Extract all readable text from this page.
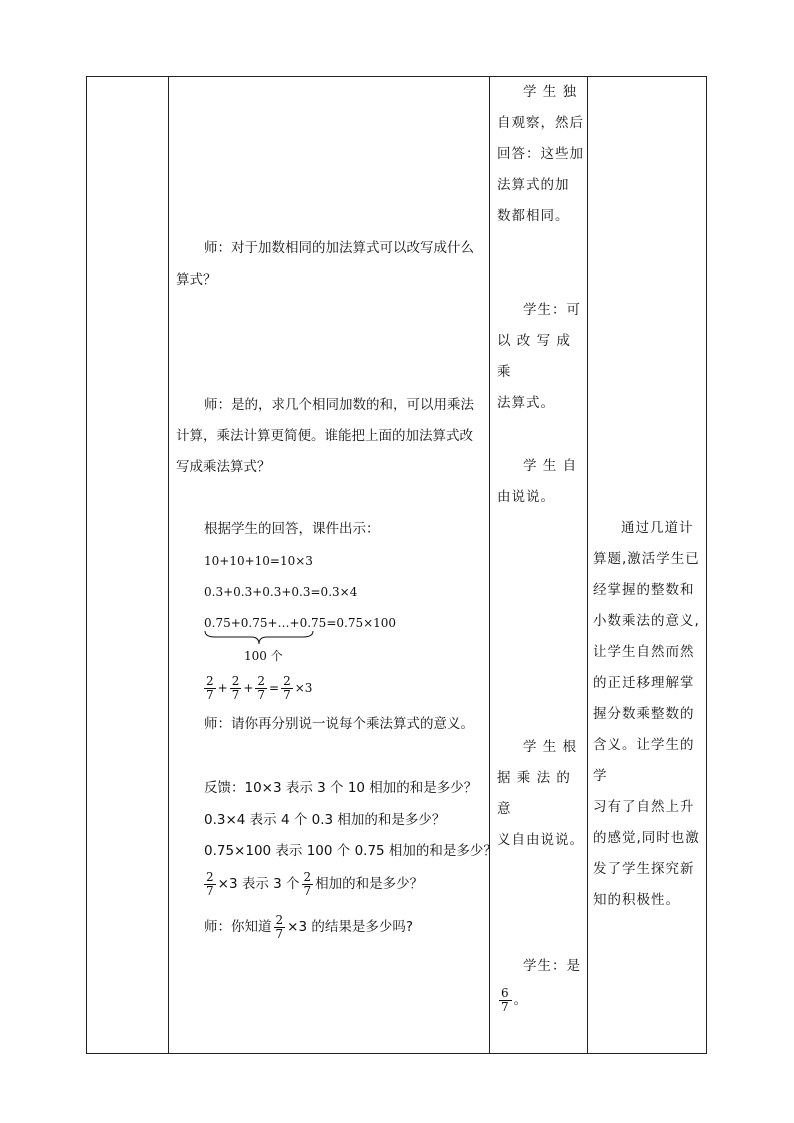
师：对于加数相同的加法算式可以改写成什么
算式？
师：是的，求几个相同加数的和，可以用乘法
计算，乘法计算更简便。谁能把上面的加法算式改
写成乘法算式？
根据学生的回答，课件出示：
10+10+10=10×3
0.3+0.3+0.3+0.3=0.3×4
0.75+0.75+…+0.75=0.75×100
100 个
$\frac{2}{7} + \frac{2}{7} + \frac{2}{7} = \frac{2}{7} \times 3$
师：请你再分别说一说每个乘法算式的意义。
反馈：10×3 表示 3 个 10 相加的和是多少？
0.3×4 表示 4 个 0.3 相加的和是多少？
0.75×100 表示 100 个 0.75 相加的和是多少？
$\frac{2}{7} \times 3$ 表示 3 个 $\frac{2}{7}$ 相加的和是多少？
师：你知道 $\frac{2}{7} \times 3$ 的结果是多少吗?
学 生 独
自观察，然后
回答：这些加
法算式的加
数都相同。
学生：可
以 改 写 成 乘
法算式。
学 生 自
由说说。
学 生 根
据 乘 法 的 意
义自由说说。
学生：是
$\frac{6}{7}$ 。
通过几道计
算题,激活学生已
经掌握的整数和
小数乘法的意义,
让学生自然而然
的正迁移理解掌
握分数乘整数的
含义。让学生的学
习有了自然上升
的感觉,同时也激
发了学生探究新
知的积极性。
